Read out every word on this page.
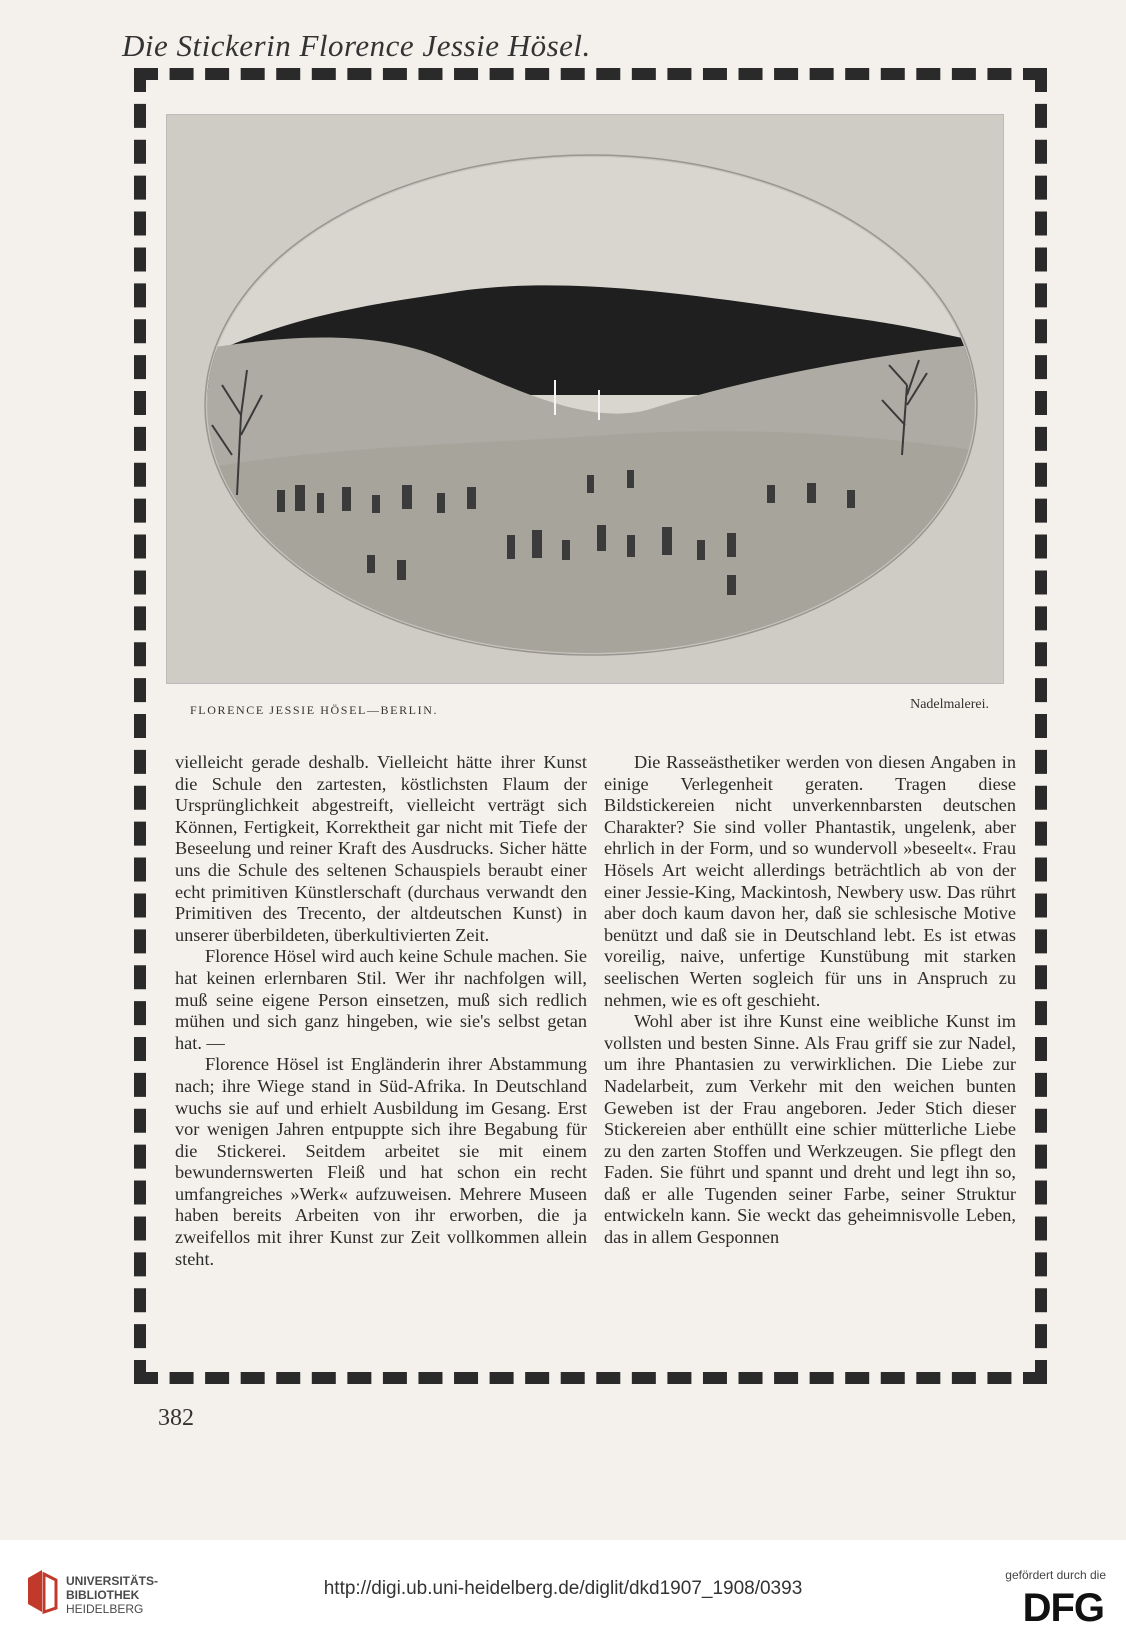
Die Stickerin Florence Jessie Hösel.
FLORENCE JESSIE HÖSEL—BERLIN.	Nadelmalerei.

vielleicht gerade deshalb. Vielleicht hätte ihrer Kunst die Schule den zartesten, köstlichsten Flaum der Ursprünglichkeit abgestreift, vielleicht verträgt sich Können, Fertigkeit, Korrektheit gar nicht mit Tiefe der Beseelung und reiner Kraft des Ausdrucks. Sicher hätte uns die Schule des seltenen Schauspiels beraubt einer echt primitiven Künstlerschaft (durchaus verwandt den Primitiven des Trecento, der altdeutschen Kunst) in unserer überbildeten, überkultivierten Zeit.

Florence Hösel wird auch keine Schule machen. Sie hat keinen erlernbaren Stil. Wer ihr nachfolgen will, muß seine eigene Person einsetzen, muß sich redlich mühen und sich ganz hingeben, wie sie's selbst getan hat. —

Florence Hösel ist Engländerin ihrer Abstammung nach; ihre Wiege stand in Süd-Afrika. In Deutschland wuchs sie auf und erhielt Ausbildung im Gesang. Erst vor wenigen Jahren entpuppte sich ihre Begabung für die Stickerei. Seitdem arbeitet sie mit einem bewundernswerten Fleiß und hat schon ein recht umfangreiches »Werk« aufzuweisen. Mehrere Museen haben bereits Arbeiten von ihr erworben, die ja zweifellos mit ihrer Kunst zur Zeit vollkommen allein steht.

Die Rasseästhetiker werden von diesen Angaben in einige Verlegenheit geraten. Tragen diese Bildstickereien nicht unverkennbarsten deutschen Charakter? Sie sind voller Phantastik, ungelenk, aber ehrlich in der Form, und so wundervoll »beseelt«. Frau Hösels Art weicht allerdings beträchtlich ab von der einer Jessie-King, Mackintosh, Newbery usw. Das rührt aber doch kaum davon her, daß sie schlesische Motive benützt und daß sie in Deutschland lebt. Es ist etwas voreilig, naive, unfertige Kunstübung mit starken seelischen Werten sogleich für uns in Anspruch zu nehmen, wie es oft geschieht.

Wohl aber ist ihre Kunst eine weibliche Kunst im vollsten und besten Sinne. Als Frau griff sie zur Nadel, um ihre Phantasien zu verwirklichen. Die Liebe zur Nadelarbeit, zum Verkehr mit den weichen bunten Geweben ist der Frau angeboren. Jeder Stich dieser Stickereien aber enthüllt eine schier mütterliche Liebe zu den zarten Stoffen und Werkzeugen. Sie pflegt den Faden. Sie führt und spannt und dreht und legt ihn so, daß er alle Tugenden seiner Farbe, seiner Struktur entwickeln kann. Sie weckt das geheimnisvolle Leben, das in allem Gesponnen

382
UNIVERSITÄTS-
BIBLIOTHEK
HEIDELBERG
http://digi.ub.uni-heidelberg.de/diglit/dkd1907_1908/0393
gefördert durch die
DFG
